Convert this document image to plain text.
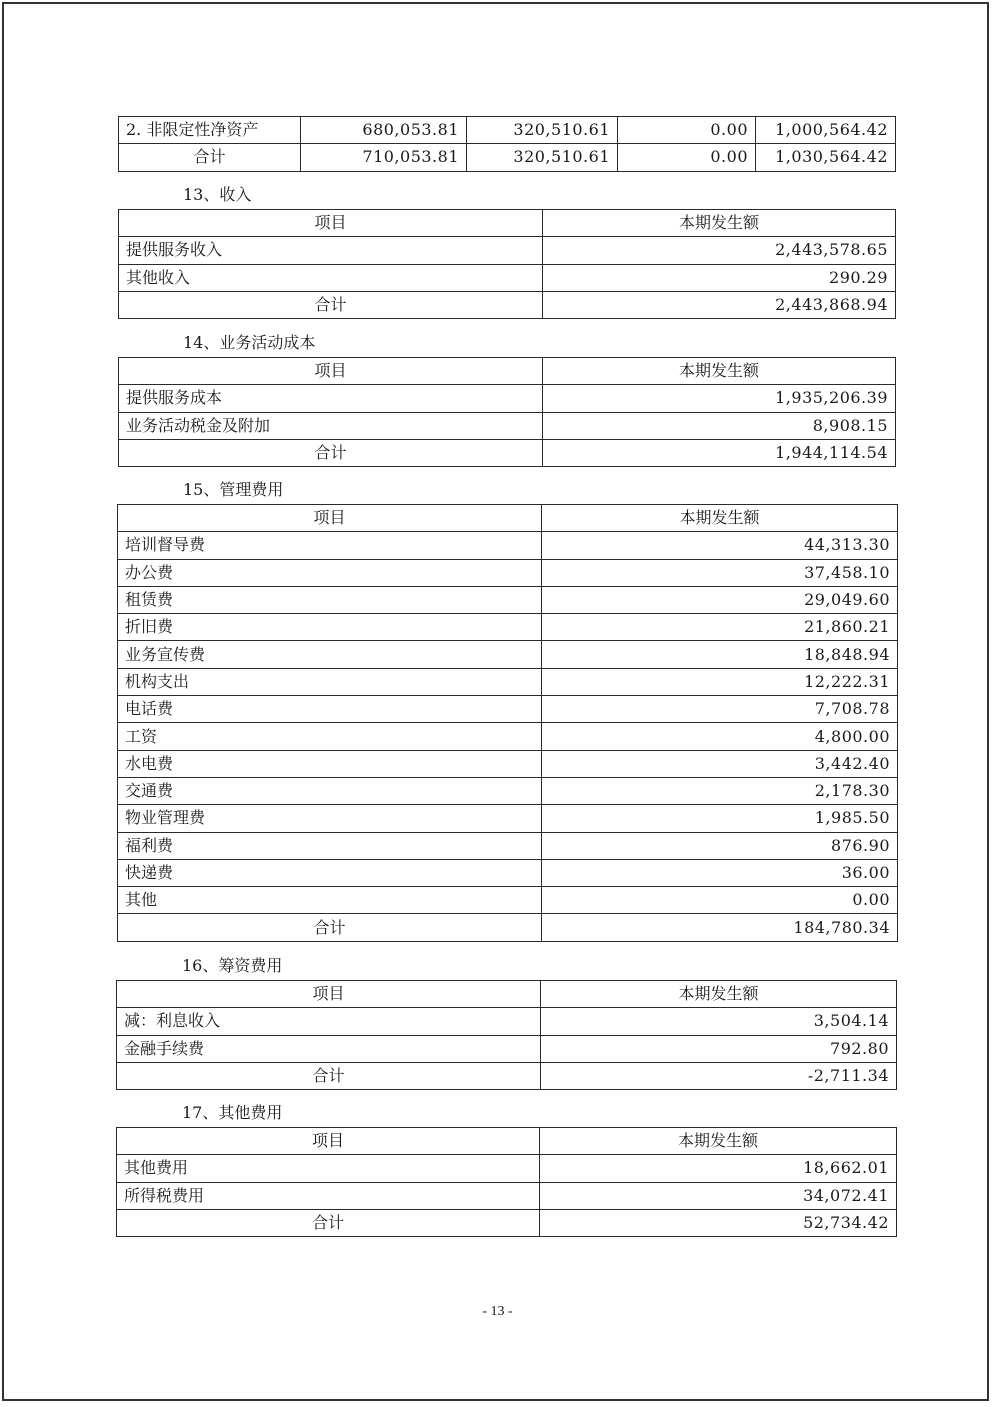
2. 非限定性净资产	680,053.81	320,510.61	0.00	1,000,564.42
合计	710,053.81	320,510.61	0.00	1,030,564.42
13、收入
项目	本期发生额
提供服务收入	2,443,578.65
其他收入	290.29
合计	2,443,868.94
14、业务活动成本
项目	本期发生额
提供服务成本	1,935,206.39
业务活动税金及附加	8,908.15
合计	1,944,114.54
15、管理费用
项目	本期发生额
培训督导费	44,313.30
办公费	37,458.10
租赁费	29,049.60
折旧费	21,860.21
业务宣传费	18,848.94
机构支出	12,222.31
电话费	7,708.78
工资	4,800.00
水电费	3,442.40
交通费	2,178.30
物业管理费	1,985.50
福利费	876.90
快递费	36.00
其他	0.00
合计	184,780.34
16、筹资费用
项目	本期发生额
减：利息收入	3,504.14
金融手续费	792.80
合计	-2,711.34
17、其他费用
项目	本期发生额
其他费用	18,662.01
所得税费用	34,072.41
合计	52,734.42
- 13 -
